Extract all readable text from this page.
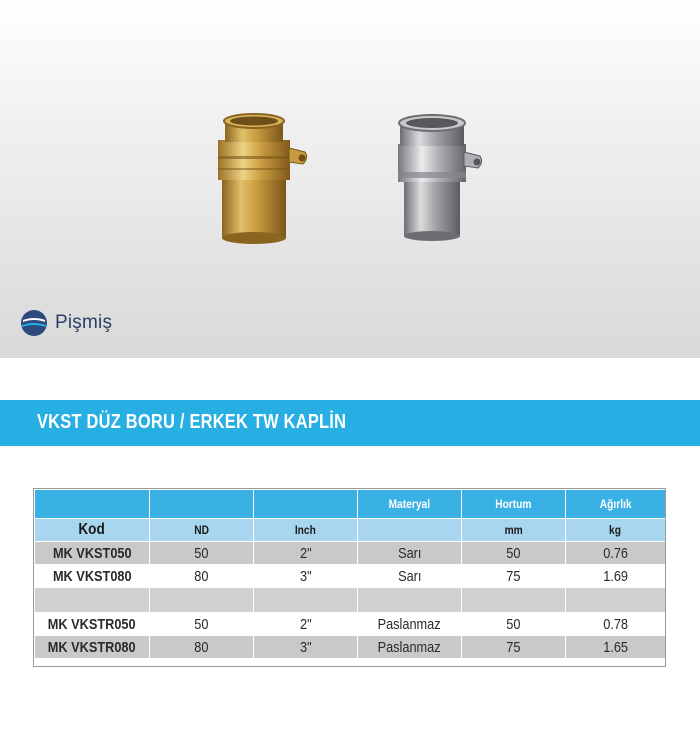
Pişmiş
VKST DÜZ BORU / ERKEK TW KAPLİN
			Materyal	Hortum	Ağırlık
Kod	ND	Inch		mm	kg
MK VKST050	50	2"	Sarı	50	0.76
MK VKST080	80	3"	Sarı	75	1.69

MK VKSTR050	50	2"	Paslanmaz	50	0.78
MK VKSTR080	80	3"	Paslanmaz	75	1.65
